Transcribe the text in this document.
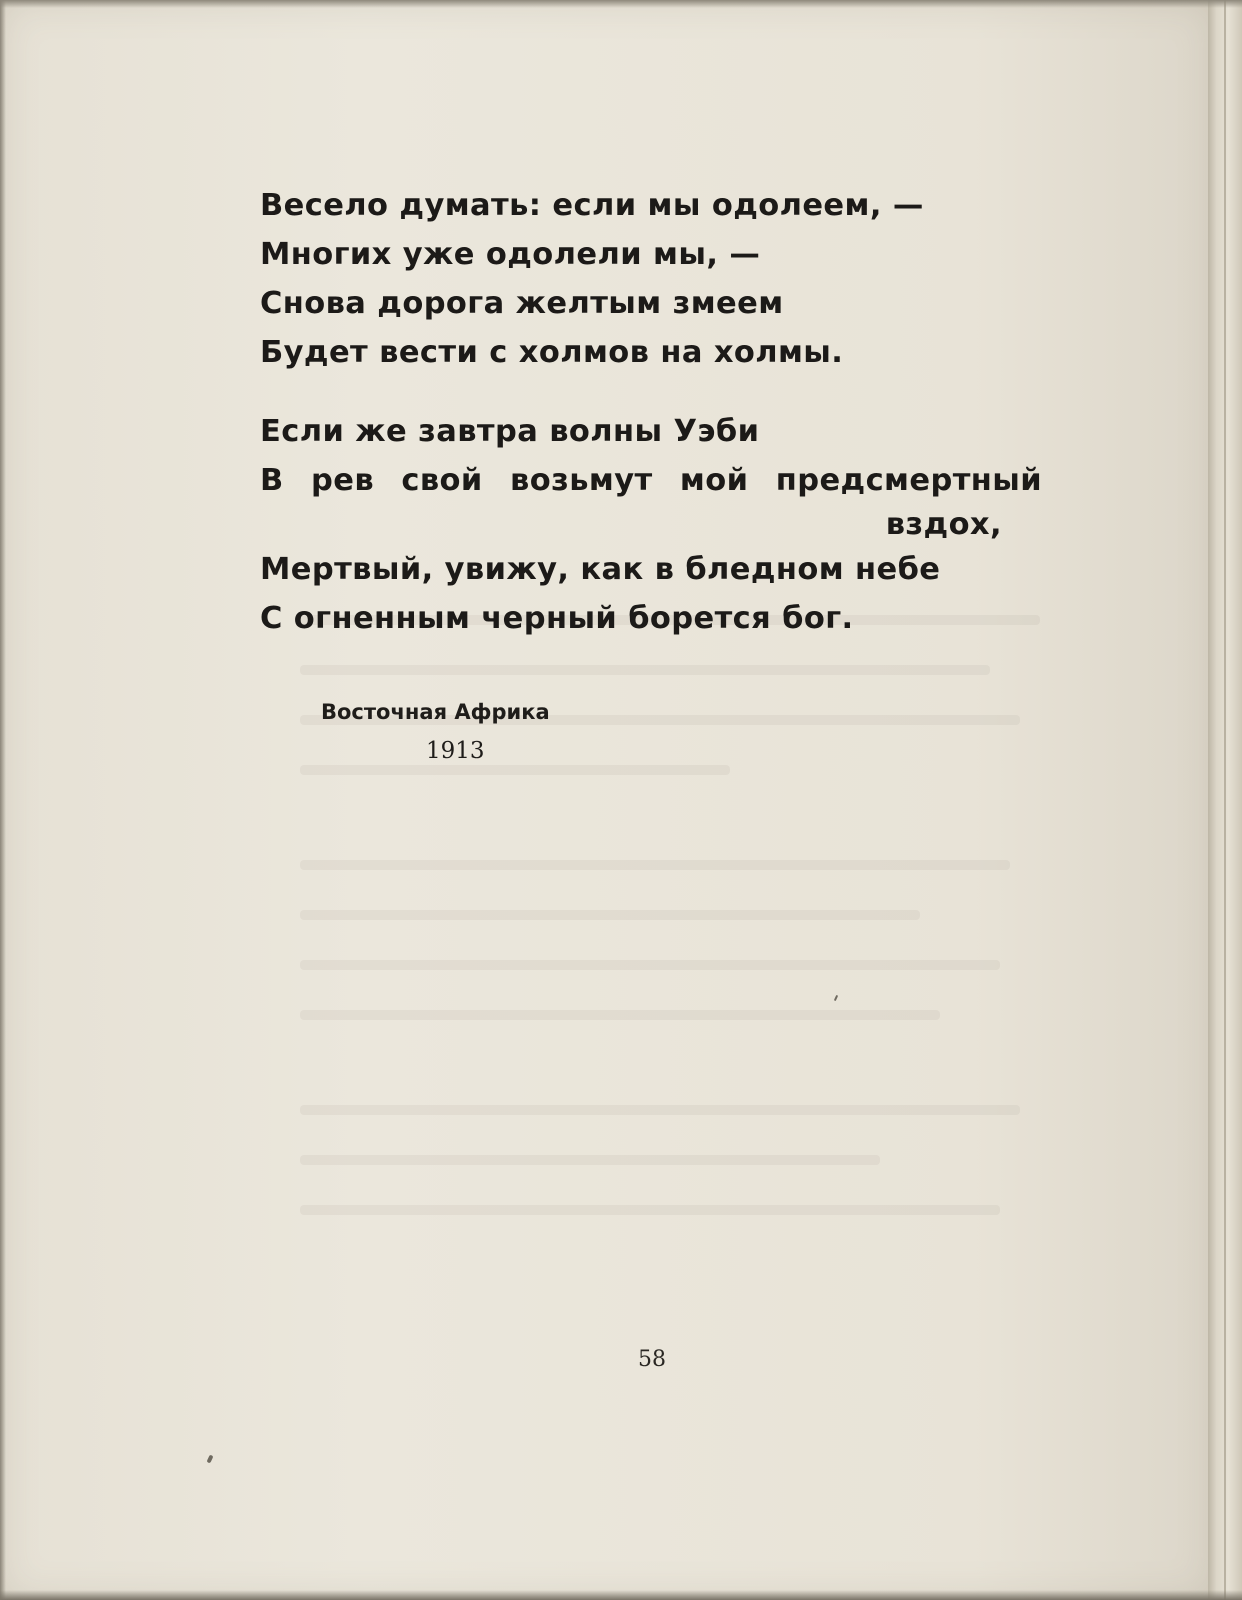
Весело думать: если мы одолеем, —
Многих уже одолели мы, —
Снова дорога желтым змеем
Будет вести с холмов на холмы.
Если же завтра волны Уэби
В рев свой возьмут мой предсмертный
вздох,
Мертвый, увижу, как в бледном небе
С огненным черный борется бог.
Восточная Африка
1913
58
